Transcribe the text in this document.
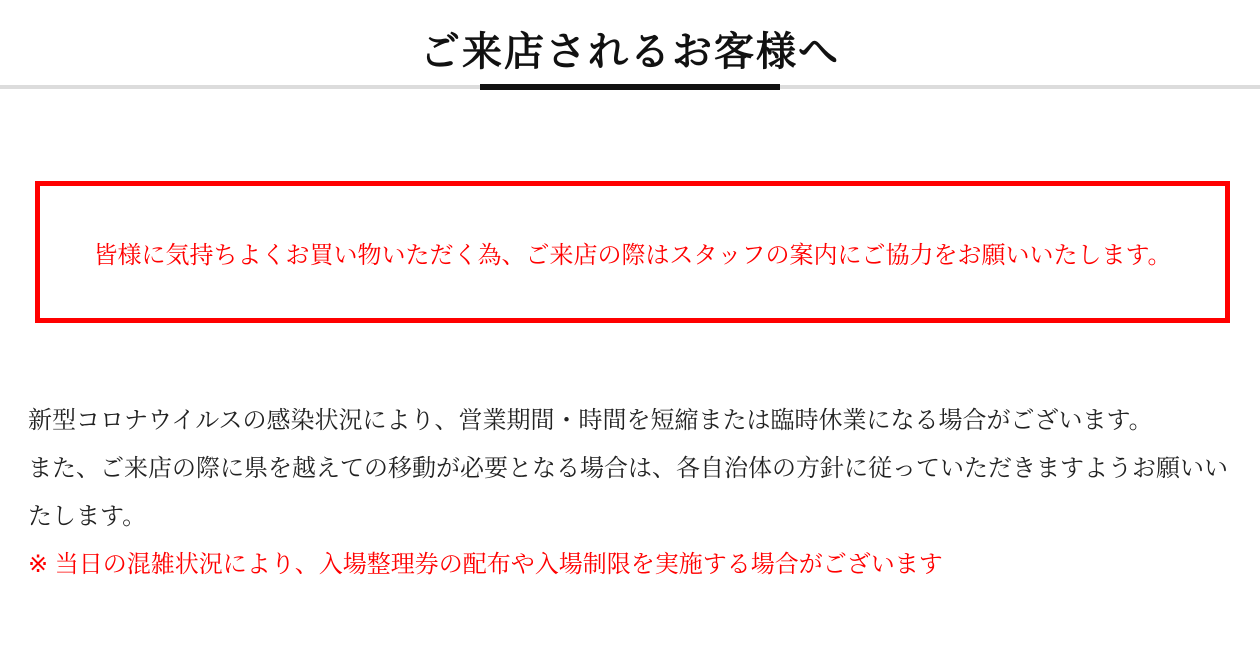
ご来店されるお客様へ

皆様に気持ちよくお買い物いただく為、ご来店の際はスタッフの案内にご協力をお願いいたします。

新型コロナウイルスの感染状況により、営業期間・時間を短縮または臨時休業になる場合がございます。

また、ご来店の際に県を越えての移動が必要となる場合は、各自治体の方針に従っていただきますようお願いい

たします。

※ 当日の混雑状況により、入場整理券の配布や入場制限を実施する場合がございます
